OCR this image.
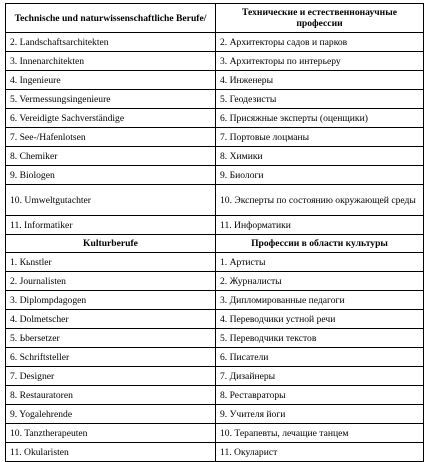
Technische und naturwissenschaftliche Berufe/	Технические и естественнонаучные профессии
2. Landschaftsarchitekten	2. Архитекторы садов и парков
3. Innenarchitekten	3. Архитекторы по интерьеру
4. Ingenieure	4. Инженеры
5. Vermessungsingenieure	5. Геодезисты
6. Vereidigte Sachverständige	6. Присяжные эксперты (оценщики)
7. See-/Hafenlotsen	7. Портовые лоцманы
8. Chemiker	8. Химики
9. Biologen	9. Биологи
10. Umweltgutachter	10. Эксперты по состоянию окружающей среды
11. Informatiker	11. Информатики
Kulturberufe	Профессии в области культуры
1. Кьnstler	1. Артисты
2. Journalisten	2. Журналисты
3. Diplomрdagogen	3. Дипломированные педагоги
4. Dolmetscher	4. Переводчики устной речи
5. Ьbersetzer	5. Переводчики текстов
6. Schriftsteller	6. Писатели
7. Designer	7. Дизайнеры
8. Restauratoren	8. Реставраторы
9. Yogalehrende	9. Учителя йоги
10. Tanztherapeuten	10. Терапевты, лечащие танцем
11. Okularisten	11. Окуларист
